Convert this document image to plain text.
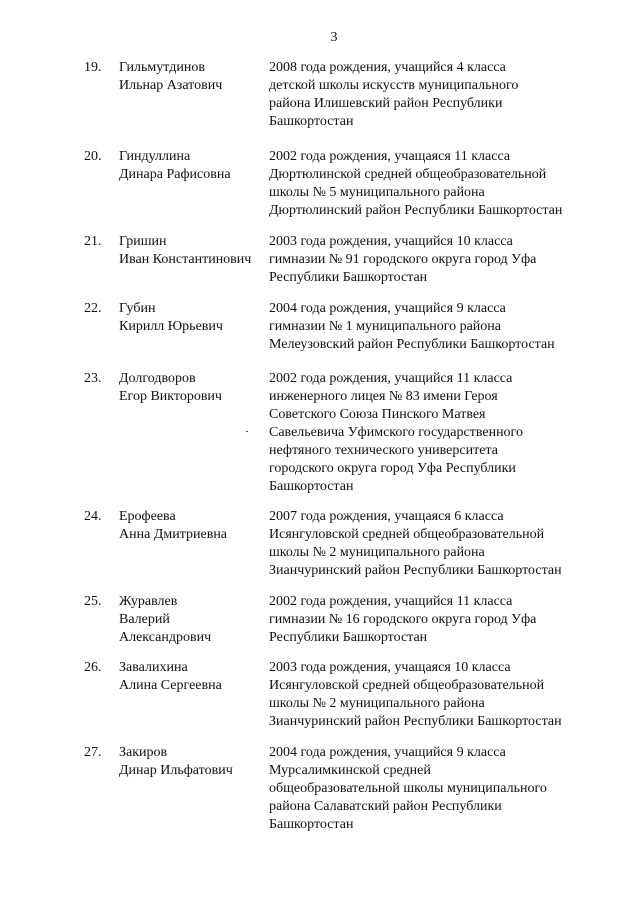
3
19. Гильмутдинов
Ильнар Азатович
2008 года рождения, учащийся 4 класса
детской школы искусств муниципального
района Илишевский район Республики
Башкортостан
20. Гиндуллина
Динара Рафисовна
2002 года рождения, учащаяся 11 класса
Дюртюлинской средней общеобразовательной
школы № 5 муниципального района
Дюртюлинский район Республики Башкортостан
21. Гришин
Иван Константинович
2003 года рождения, учащийся 10 класса
гимназии № 91 городского округа город Уфа
Республики Башкортостан
22. Губин
Кирилл Юрьевич
2004 года рождения, учащийся 9 класса
гимназии № 1 муниципального района
Мелеузовский район Республики Башкортостан
23. Долгодворов
Егор Викторович
2002 года рождения, учащийся 11 класса
инженерного лицея № 83 имени Героя
Советского Союза Пинского Матвея
Савельевича Уфимского государственного
нефтяного технического университета
городского округа город Уфа Республики
Башкортостан
24. Ерофеева
Анна Дмитриевна
2007 года рождения, учащаяся 6 класса
Исянгуловской средней общеобразовательной
школы № 2 муниципального района
Зианчуринский район Республики Башкортостан
25. Журавлев
Валерий
Александрович
2002 года рождения, учащийся 11 класса
гимназии № 16 городского округа город Уфа
Республики Башкортостан
26. Завалихина
Алина Сергеевна
2003 года рождения, учащаяся 10 класса
Исянгуловской средней общеобразовательной
школы № 2 муниципального района
Зианчуринский район Республики Башкортостан
27. Закиров
Динар Ильфатович
2004 года рождения, учащийся 9 класса
Мурсалимкинской средней
общеобразовательной школы муниципального
района Салаватский район Республики
Башкортостан
